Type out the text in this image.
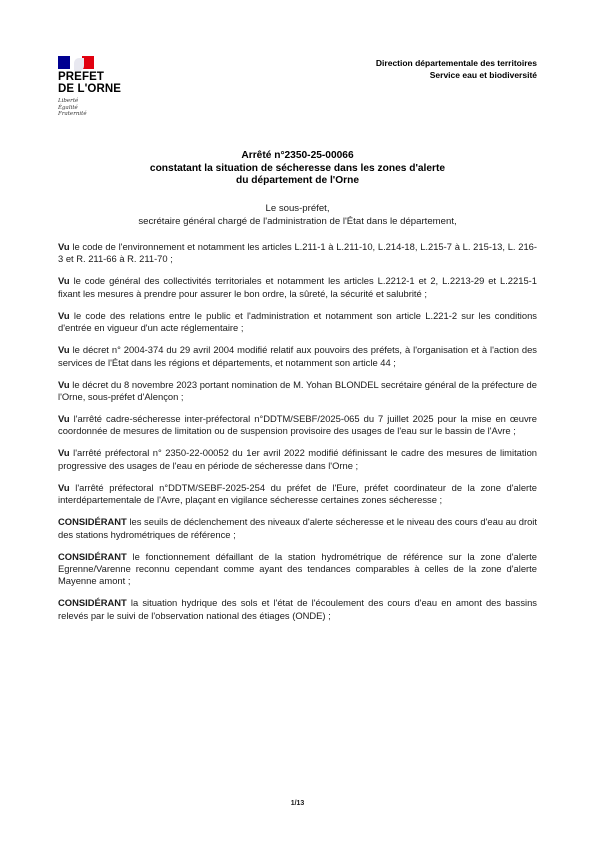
PRÉFET
DE L'ORNE
Liberté
Égalité
Fraternité
Direction départementale des territoires
Service eau et biodiversité
Arrêté n°2350-25-00066
constatant la situation de sécheresse dans les zones d'alerte
du département de l'Orne
Le sous-préfet,
secrétaire général chargé de l'administration de l'État dans le département,

Vu le code de l'environnement et notamment les articles L.211-1 à L.211-10, L.214-18, L.215-7 à L. 215-13, L. 216-3 et R. 211-66 à R. 211-70 ;

Vu le code général des collectivités territoriales et notamment les articles L.2212-1 et 2, L.2213-29 et L.2215-1 fixant les mesures à prendre pour assurer le bon ordre, la sûreté, la sécurité et salubrité ;

Vu le code des relations entre le public et l'administration et notamment son article L.221-2 sur les conditions d'entrée en vigueur d'un acte réglementaire ;

Vu le décret n° 2004-374 du 29 avril 2004 modifié relatif aux pouvoirs des préfets, à l'organisation et à l'action des services de l'État dans les régions et départements, et notamment son article 44 ;

Vu le décret du 8 novembre 2023 portant nomination de M. Yohan BLONDEL secrétaire général de la préfecture de l'Orne, sous-préfet d'Alençon ;

Vu l'arrêté cadre-sécheresse inter-préfectoral n°DDTM/SEBF/2025-065 du 7 juillet 2025 pour la mise en œuvre coordonnée de mesures de limitation ou de suspension provisoire des usages de l'eau sur le bassin de l'Avre ;

Vu l'arrêté préfectoral n° 2350-22-00052 du 1er avril 2022 modifié définissant le cadre des mesures de limitation progressive des usages de l'eau en période de sécheresse dans l'Orne ;

Vu l'arrêté préfectoral n°DDTM/SEBF-2025-254 du préfet de l'Eure, préfet coordinateur de la zone d'alerte interdépartementale de l'Avre, plaçant en vigilance sécheresse certaines zones sécheresse ;

CONSIDÉRANT les seuils de déclenchement des niveaux d'alerte sécheresse et le niveau des cours d'eau au droit des stations hydrométriques de référence ;

CONSIDÉRANT le fonctionnement défaillant de la station hydrométrique de référence sur la zone d'alerte Egrenne/Varenne reconnu cependant comme ayant des tendances comparables à celles de la zone d'alerte Mayenne amont ;

CONSIDÉRANT la situation hydrique des sols et l'état de l'écoulement des cours d'eau en amont des bassins relevés par le suivi de l'observation national des étiages (ONDE) ;

1/13
